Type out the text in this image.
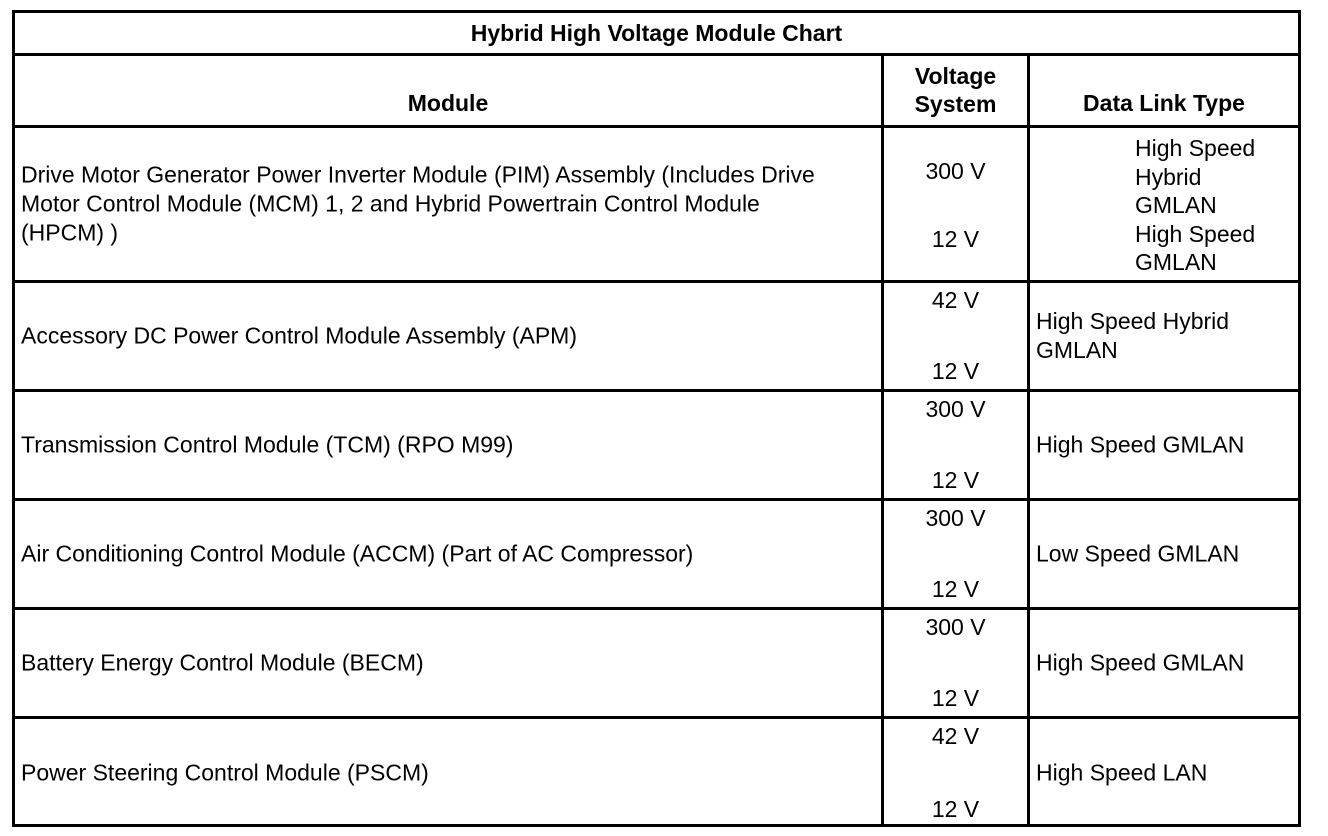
Hybrid High Voltage Module Chart
Module
Voltage
System	Data Link Type
Drive Motor Generator Power Inverter Module (PIM) Assembly (Includes Drive Motor Control Module (MCM) 1, 2 and Hybrid Powertrain Control Module (HPCM) )
300 V
12 V
High Speed
Hybrid
GMLAN
High Speed
GMLAN
Accessory DC Power Control Module Assembly (APM)
42 V
12 V
High Speed Hybrid GMLAN
Transmission Control Module (TCM) (RPO M99)
300 V
12 V
High Speed GMLAN
Air Conditioning Control Module (ACCM) (Part of AC Compressor)
300 V
12 V
Low Speed GMLAN
Battery Energy Control Module (BECM)
300 V
12 V
High Speed GMLAN
Power Steering Control Module (PSCM)
42 V
12 V
High Speed LAN
